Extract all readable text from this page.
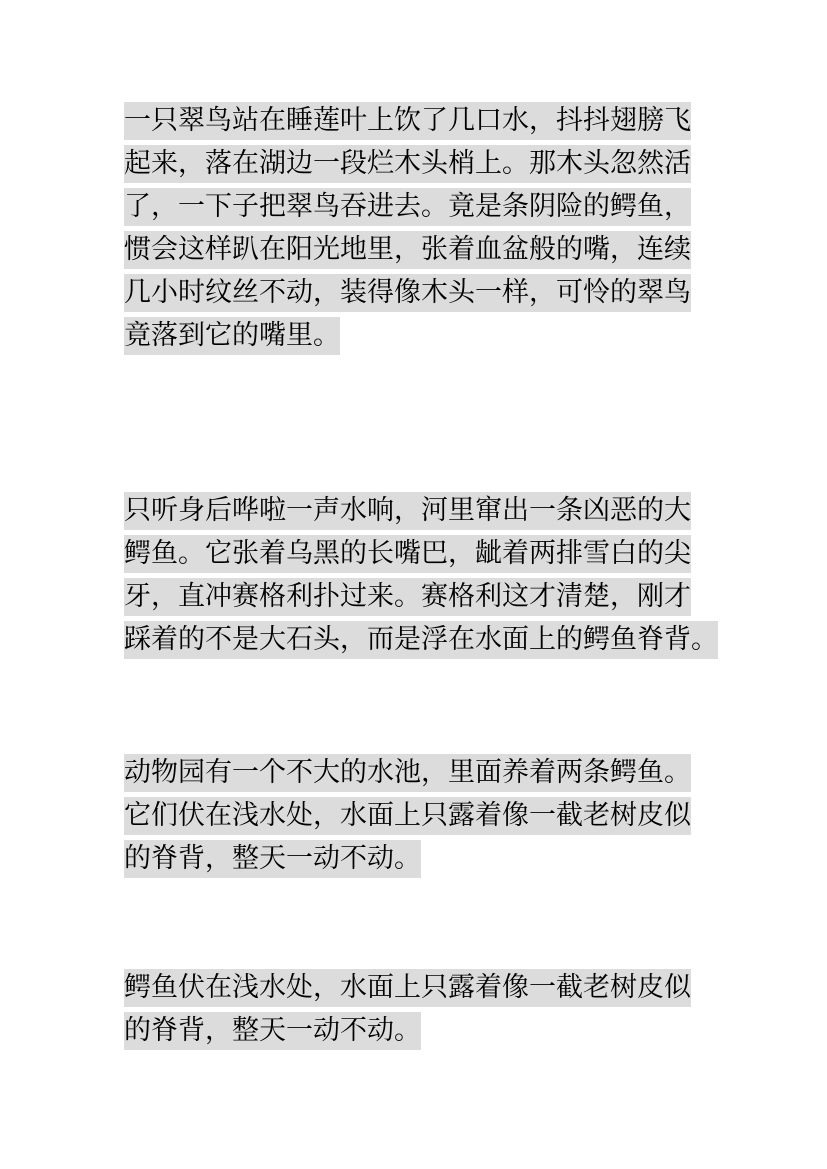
一只翠鸟站在睡莲叶上饮了几口水，抖抖翅膀飞
起来，落在湖边一段烂木头梢上。那木头忽然活
了，一下子把翠鸟吞进去。竟是条阴险的鳄鱼，
惯会这样趴在阳光地里，张着血盆般的嘴，连续
几小时纹丝不动，装得像木头一样，可怜的翠鸟
竟落到它的嘴里。
只听身后哗啦一声水响，河里窜出一条凶恶的大
鳄鱼。它张着乌黑的长嘴巴，龇着两排雪白的尖
牙，直冲赛格利扑过来。赛格利这才清楚，刚才
踩着的不是大石头，而是浮在水面上的鳄鱼脊背。
动物园有一个不大的水池，里面养着两条鳄鱼。
它们伏在浅水处，水面上只露着像一截老树皮似
的脊背，整天一动不动。
鳄鱼伏在浅水处，水面上只露着像一截老树皮似
的脊背，整天一动不动。
